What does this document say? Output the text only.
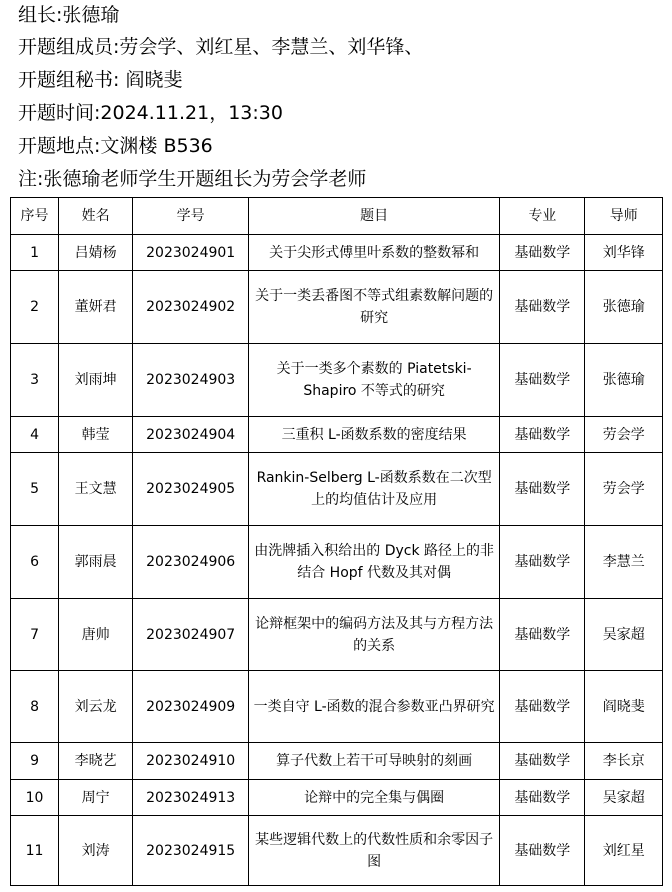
组长:张德瑜
开题组成员:劳会学、刘红星、李慧兰、刘华锋、
开题组秘书: 阎晓斐
开题时间:2024.11.21，13:30
开题地点:文渊楼 B536
注:张德瑜老师学生开题组长为劳会学老师
序号	姓名	学号	题目	专业	导师
1	吕婧杨	2023024901	关于尖形式傅里叶系数的整数幂和	基础数学	刘华锋
2	董妍君	2023024902	关于一类丢番图不等式组素数解问题的研究	基础数学	张德瑜
3	刘雨坤	2023024903	关于一类多个素数的 Piatetski-Shapiro 不等式的研究	基础数学	张德瑜
4	韩莹	2023024904	三重积 L-函数系数的密度结果	基础数学	劳会学
5	王文慧	2023024905	Rankin-Selberg L-函数系数在二次型上的均值估计及应用	基础数学	劳会学
6	郭雨晨	2023024906	由洗牌插入积给出的 Dyck 路径上的非结合 Hopf 代数及其对偶	基础数学	李慧兰
7	唐帅	2023024907	论辩框架中的编码方法及其与方程方法的关系	基础数学	吴家超
8	刘云龙	2023024909	一类自守 L-函数的混合参数亚凸界研究	基础数学	阎晓斐
9	李晓艺	2023024910	算子代数上若干可导映射的刻画	基础数学	李长京
10	周宁	2023024913	论辩中的完全集与偶圈	基础数学	吴家超
11	刘涛	2023024915	某些逻辑代数上的代数性质和余零因子图	基础数学	刘红星
